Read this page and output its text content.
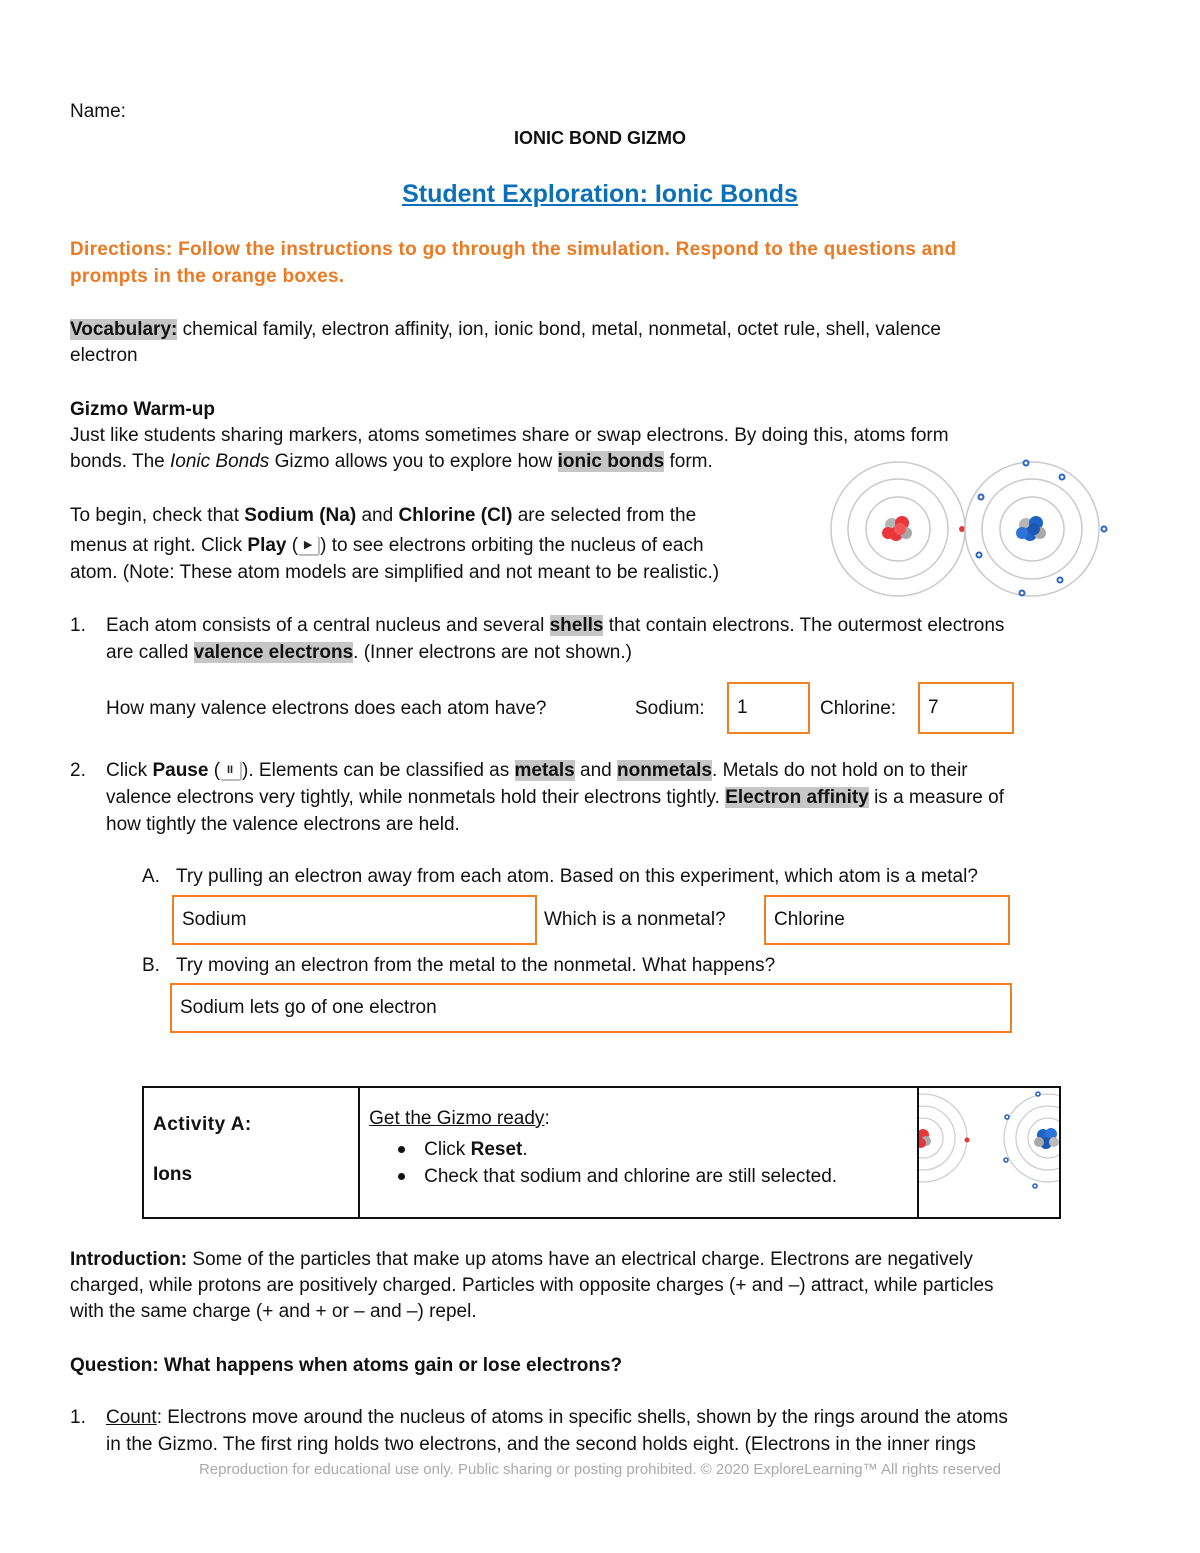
Name:
IONIC BOND GIZMO
Student Exploration: Ionic Bonds
Directions: Follow the instructions to go through the simulation. Respond to the questions and
prompts in the orange boxes.
Vocabulary: chemical family, electron affinity, ion, ionic bond, metal, nonmetal, octet rule, shell, valence
electron
Gizmo Warm-up
Just like students sharing markers, atoms sometimes share or swap electrons. By doing this, atoms form
bonds. The Ionic Bonds Gizmo allows you to explore how ionic bonds form.
To begin, check that Sodium (Na) and Chlorine (Cl) are selected from the
menus at right. Click Play ( ▶ ) to see electrons orbiting the nucleus of each
atom. (Note: These atom models are simplified and not meant to be realistic.)
1. Each atom consists of a central nucleus and several shells that contain electrons. The outermost electrons
are called valence electrons. (Inner electrons are not shown.)
How many valence electrons does each atom have?	Sodium:	1	Chlorine:	7
2. Click Pause ( II ). Elements can be classified as metals and nonmetals. Metals do not hold on to their
valence electrons very tightly, while nonmetals hold their electrons tightly. Electron affinity is a measure of
how tightly the valence electrons are held.
A. Try pulling an electron away from each atom. Based on this experiment, which atom is a metal?
Sodium	Which is a nonmetal?	Chlorine
B. Try moving an electron from the metal to the nonmetal. What happens?
Sodium lets go of one electron
Activity A:
Ions

Get the Gizmo ready:
Click Reset.
Check that sodium and chlorine are still selected.

Introduction: Some of the particles that make up atoms have an electrical charge. Electrons are negatively
charged, while protons are positively charged. Particles with opposite charges (+ and –) attract, while particles
with the same charge (+ and + or – and –) repel.
Question: What happens when atoms gain or lose electrons?
1. Count: Electrons move around the nucleus of atoms in specific shells, shown by the rings around the atoms
in the Gizmo. The first ring holds two electrons, and the second holds eight. (Electrons in the inner rings
Reproduction for educational use only. Public sharing or posting prohibited. © 2020 ExploreLearning™ All rights reserved
